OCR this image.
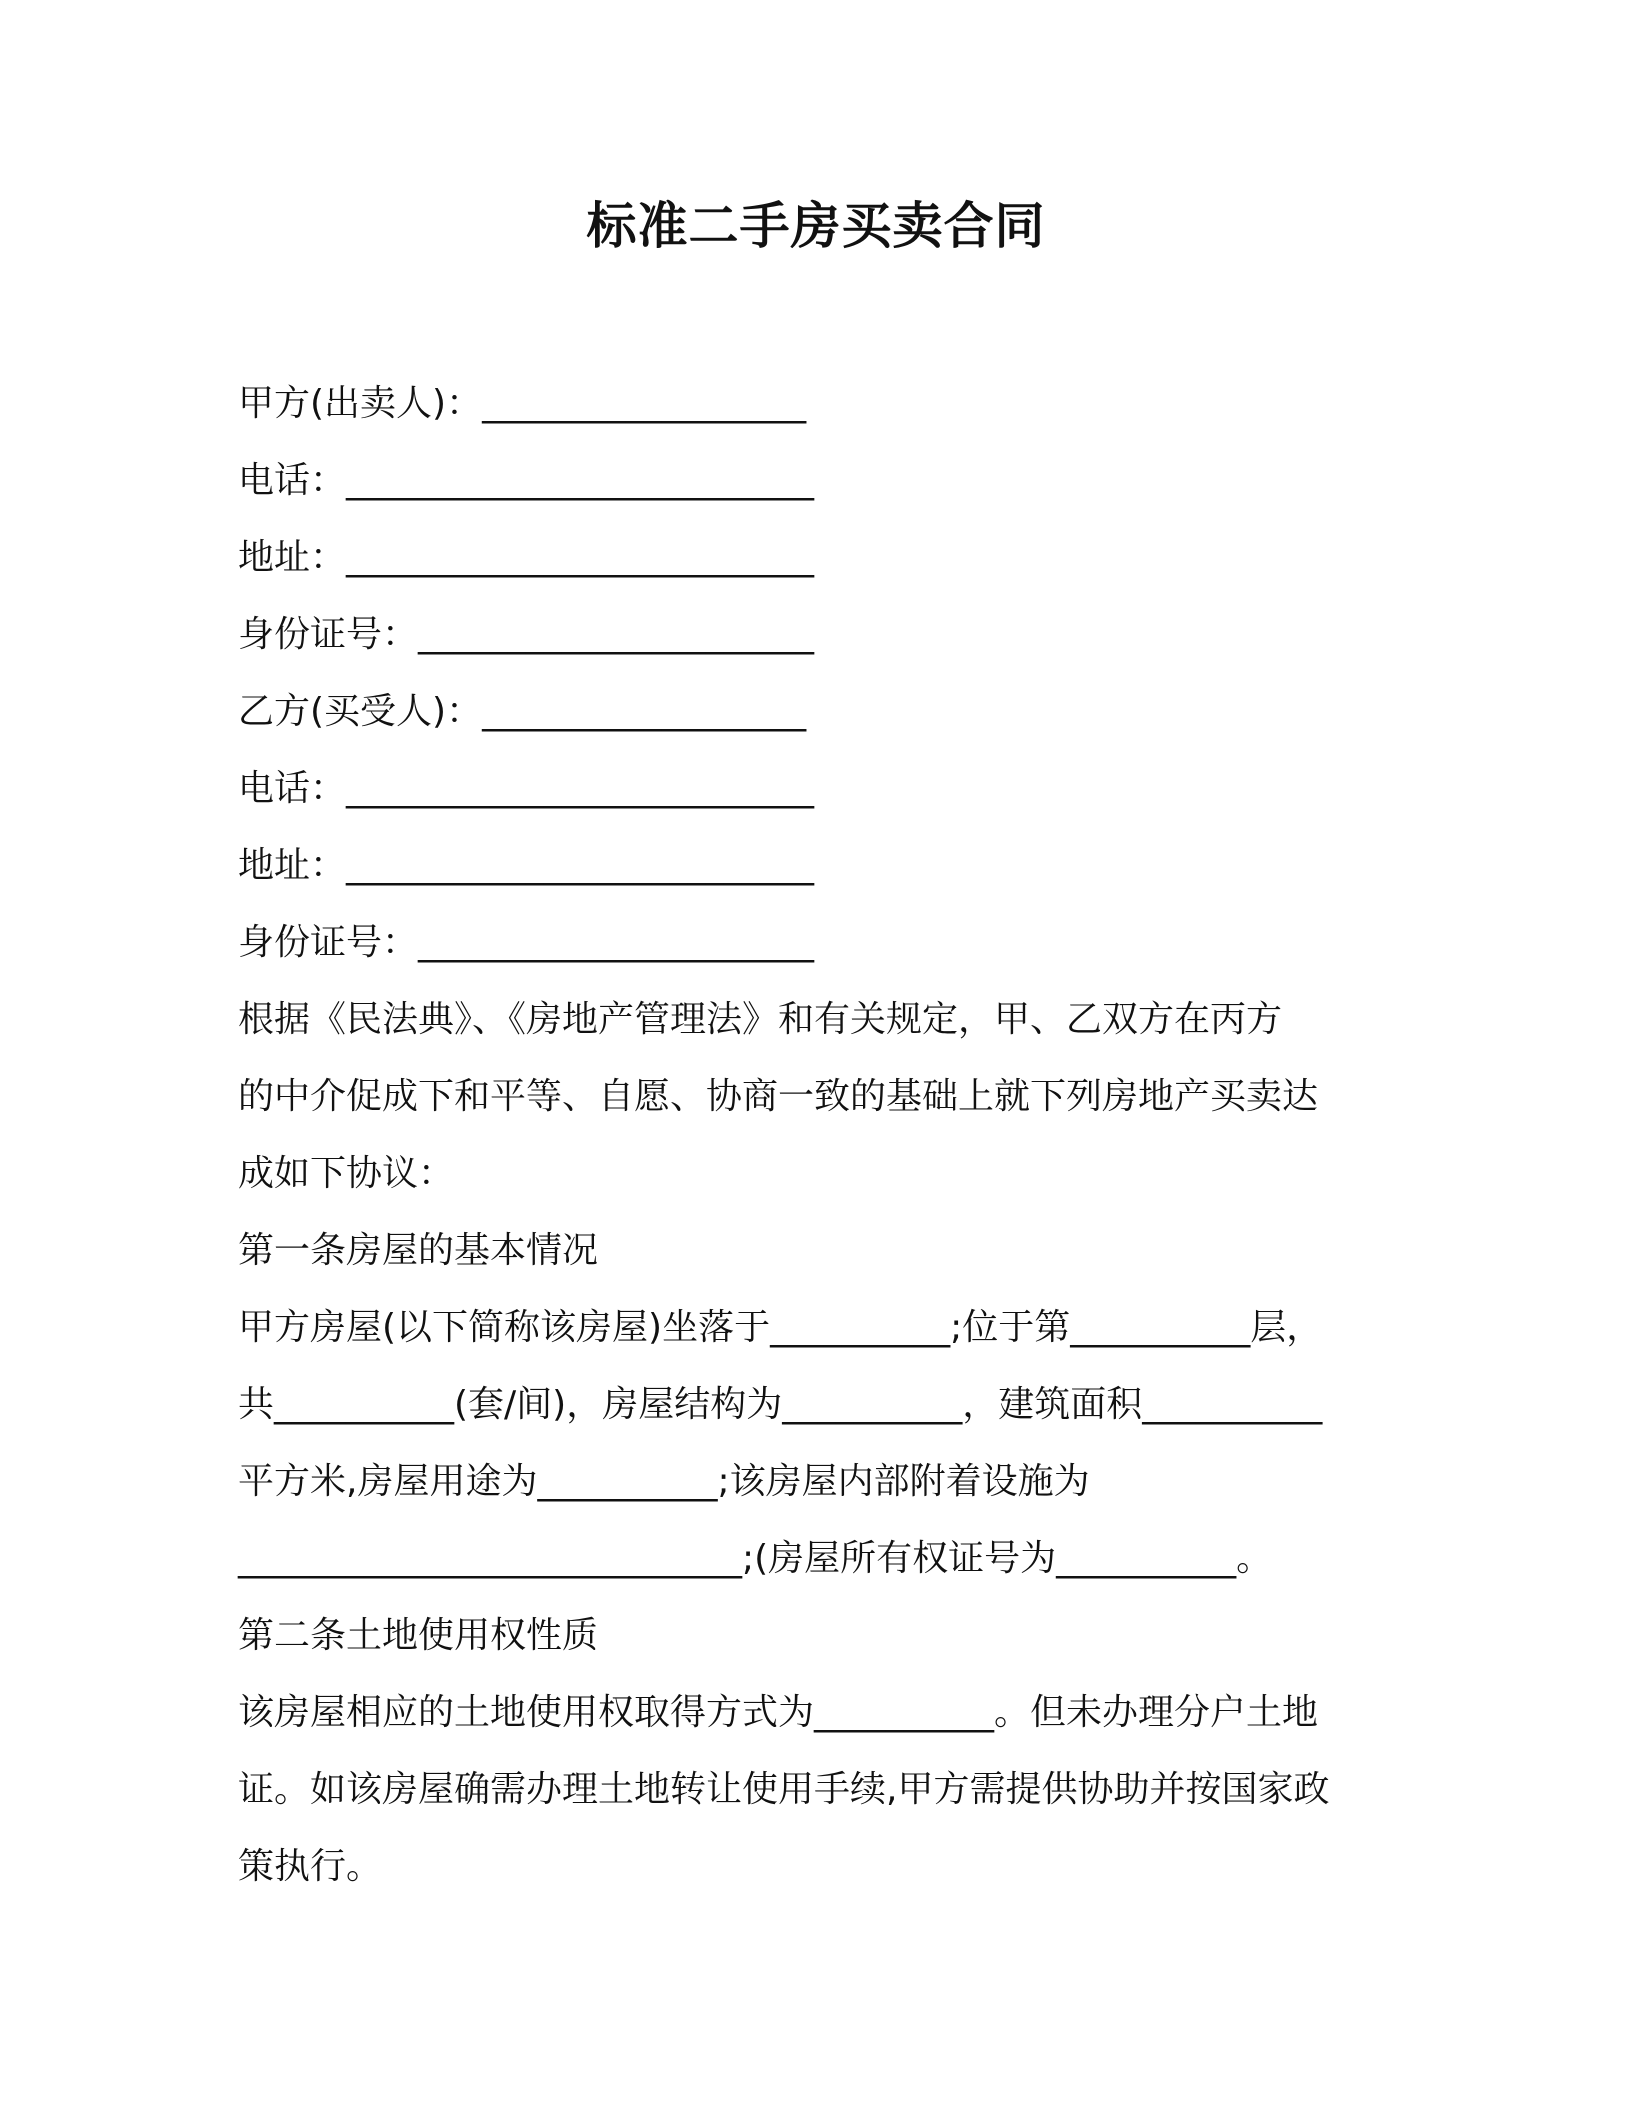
标准二手房买卖合同
甲方(出卖人)：__________________
电话：__________________________
地址：__________________________
身份证号：______________________
乙方(买受人)：__________________
电话：__________________________
地址：__________________________
身份证号：______________________
根据《民法典》、《房地产管理法》和有关规定，甲、乙双方在丙方
的中介促成下和平等、自愿、协商一致的基础上就下列房地产买卖达
成如下协议：
第一条房屋的基本情况
甲方房屋(以下简称该房屋)坐落于__________;位于第__________层，
共__________(套/间)，房屋结构为__________，建筑面积__________
平方米,房屋用途为__________;该房屋内部附着设施为
____________________________;(房屋所有权证号为__________。
第二条土地使用权性质
该房屋相应的土地使用权取得方式为__________。但未办理分户土地
证。如该房屋确需办理土地转让使用手续,甲方需提供协助并按国家政
策执行。
